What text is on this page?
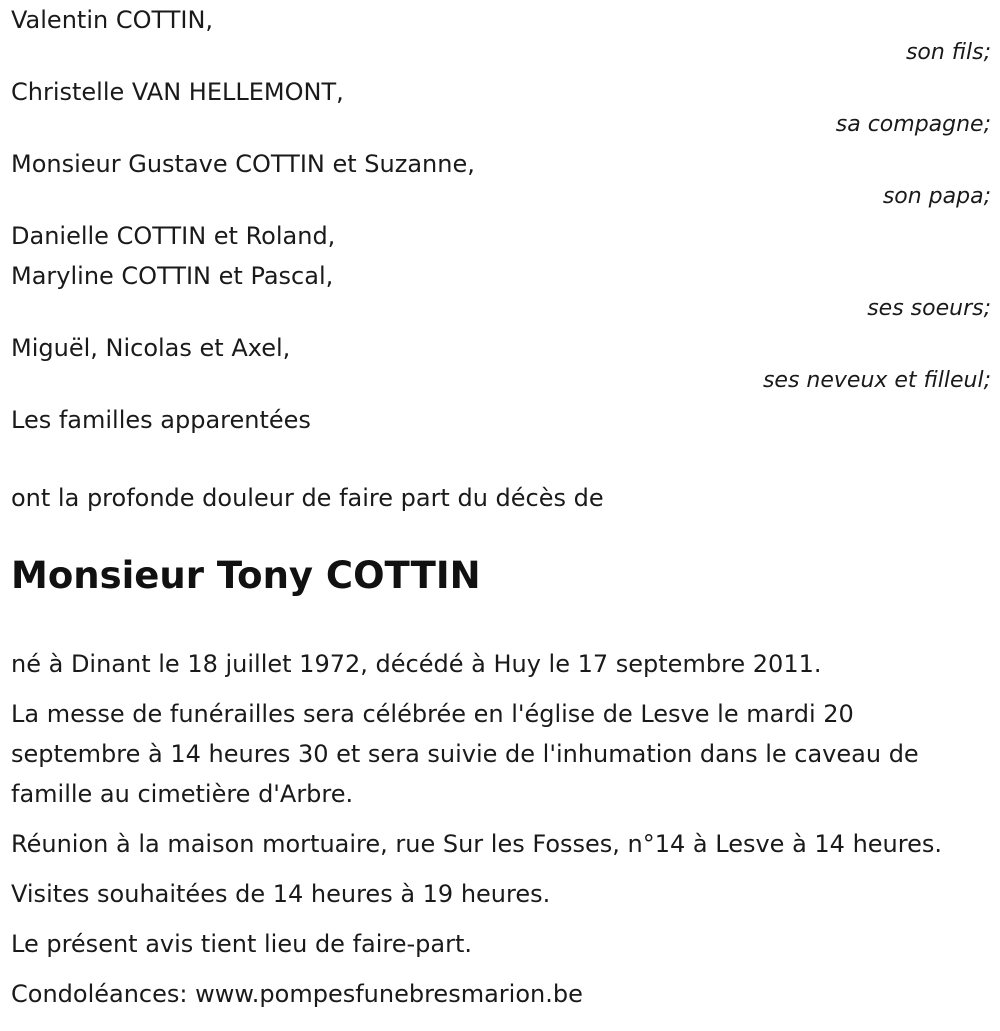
Valentin COTTIN,
son fils;
Christelle VAN HELLEMONT,
sa compagne;
Monsieur Gustave COTTIN et Suzanne,
son papa;
Danielle COTTIN et Roland,
Maryline COTTIN et Pascal,
ses soeurs;
Miguël, Nicolas et Axel,
ses neveux et filleul;
Les familles apparentées
ont la profonde douleur de faire part du décès de
Monsieur Tony COTTIN

né à Dinant le 18 juillet 1972, décédé à Huy le 17 septembre 2011.

La messe de funérailles sera célébrée en l'église de Lesve le mardi 20 septembre à 14 heures 30 et sera suivie de l'inhumation dans le caveau de famille au cimetière d'Arbre.

Réunion à la maison mortuaire, rue Sur les Fosses, n°14 à Lesve à 14 heures.

Visites souhaitées de 14 heures à 19 heures.

Le présent avis tient lieu de faire-part.

Condoléances: www.pompesfunebresmarion.be
